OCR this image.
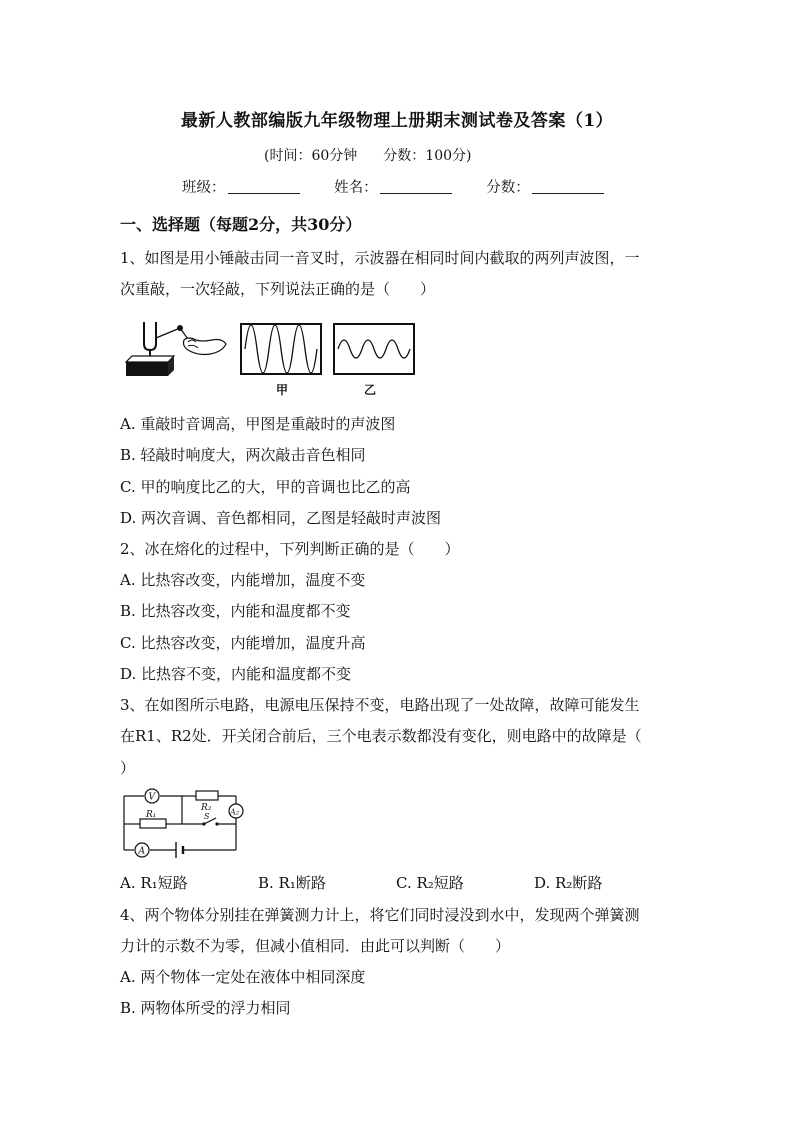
最新人教部编版九年级物理上册期末测试卷及答案（1）
(时间：60分钟 分数：100分)
班级：	姓名：	分数：
一、选择题（每题2分，共30分）
1、如图是用小锤敲击同一音叉时，示波器在相同时间内截取的两列声波图，一
次重敲，一次轻敲，下列说法正确的是（　　）
甲	乙
A. 重敲时音调高，甲图是重敲时的声波图
B. 轻敲时响度大，两次敲击音色相同
C. 甲的响度比乙的大，甲的音调也比乙的高
D. 两次音调、音色都相同，乙图是轻敲时声波图
2、冰在熔化的过程中，下列判断正确的是（　　）
A. 比热容改变，内能增加，温度不变
B. 比热容改变，内能和温度都不变
C. 比热容改变，内能增加，温度升高
D. 比热容不变，内能和温度都不变
3、在如图所示电路，电源电压保持不变，电路出现了一处故障，故障可能发生
在R1、R2处．开关闭合前后，三个电表示数都没有变化，则电路中的故障是（
）
V
A₂
A
R₂
R₁	S
A. R₁短路	B. R₁断路	C. R₂短路	D. R₂断路
4、两个物体分别挂在弹簧测力计上，将它们同时浸没到水中，发现两个弹簧测
力计的示数不为零，但减小值相同．由此可以判断（　　）
A. 两个物体一定处在液体中相同深度
B. 两物体所受的浮力相同
